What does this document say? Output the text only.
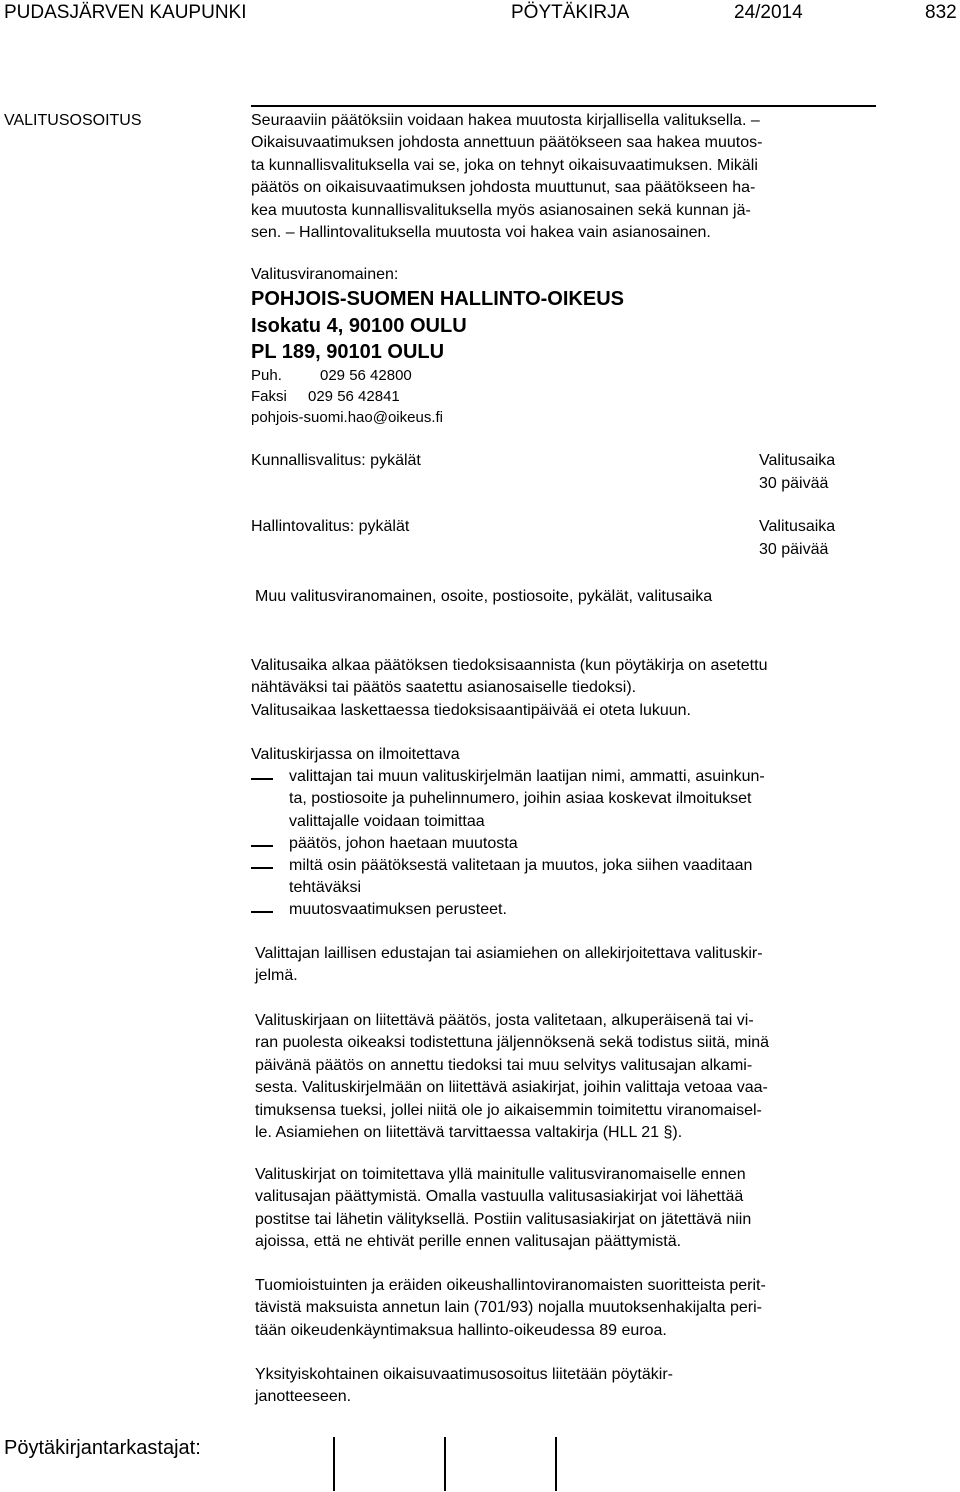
PUDASJÄRVEN KAUPUNKI	PÖYTÄKIRJA	24/2014	832
VALITUSOSOITUS	Seuraaviin päätöksiin voidaan hakea muutosta kirjallisella valituksella. –
Oikaisuvaatimuksen johdosta annettuun päätökseen saa hakea muutos-
ta kunnallisvalituksella vai se, joka on tehnyt oikaisuvaatimuksen. Mikäli
päätös on oikaisuvaatimuksen johdosta muuttunut, saa päätökseen ha-
kea muutosta kunnallisvalituksella myös asianosainen sekä kunnan jä-
sen. – Hallintovalituksella muutosta voi hakea vain asianosainen.
Valitusviranomainen:
POHJOIS-SUOMEN HALLINTO-OIKEUS
Isokatu 4, 90100 OULU
PL 189, 90101 OULU
Puh.	029 56 42800
Faksi 029 56 42841
pohjois-suomi.hao@oikeus.fi
Kunnallisvalitus: pykälät	Valitusaika
30 päivää
Hallintovalitus: pykälät	Valitusaika
30 päivää
Muu valitusviranomainen, osoite, postiosoite, pykälät, valitusaika
Valitusaika alkaa päätöksen tiedoksisaannista (kun pöytäkirja on asetettu
nähtäväksi tai päätös saatettu asianosaiselle tiedoksi).
Valitusaikaa laskettaessa tiedoksisaantipäivää ei oteta lukuun.
Valituskirjassa on ilmoitettava
valittajan tai muun valituskirjelmän laatijan nimi, ammatti, asuinkun-
ta, postiosoite ja puhelinnumero, joihin asiaa koskevat ilmoitukset
valittajalle voidaan toimittaa
päätös, johon haetaan muutosta
miltä osin päätöksestä valitetaan ja muutos, joka siihen vaaditaan
tehtäväksi
muutosvaatimuksen perusteet.
Valittajan laillisen edustajan tai asiamiehen on allekirjoitettava valituskir-
jelmä.
Valituskirjaan on liitettävä päätös, josta valitetaan, alkuperäisenä tai vi-
ran puolesta oikeaksi todistettuna jäljennöksenä sekä todistus siitä, minä
päivänä päätös on annettu tiedoksi tai muu selvitys valitusajan alkami-
sesta. Valituskirjelmään on liitettävä asiakirjat, joihin valittaja vetoaa vaa-
timuksensa tueksi, jollei niitä ole jo aikaisemmin toimitettu viranomaisel-
le. Asiamiehen on liitettävä tarvittaessa valtakirja (HLL 21 §).
Valituskirjat on toimitettava yllä mainitulle valitusviranomaiselle ennen
valitusajan päättymistä. Omalla vastuulla valitusasiakirjat voi lähettää
postitse tai lähetin välityksellä. Postiin valitusasiakirjat on jätettävä niin
ajoissa, että ne ehtivät perille ennen valitusajan päättymistä.
Tuomioistuinten ja eräiden oikeushallintoviranomaisten suoritteista perit-
tävistä maksuista annetun lain (701/93) nojalla muutoksenhakijalta peri-
tään oikeudenkäyntimaksua hallinto-oikeudessa 89 euroa.
Yksityiskohtainen oikaisuvaatimusosoitus liitetään pöytäkir-
janotteeseen.
Pöytäkirjantarkastajat:
